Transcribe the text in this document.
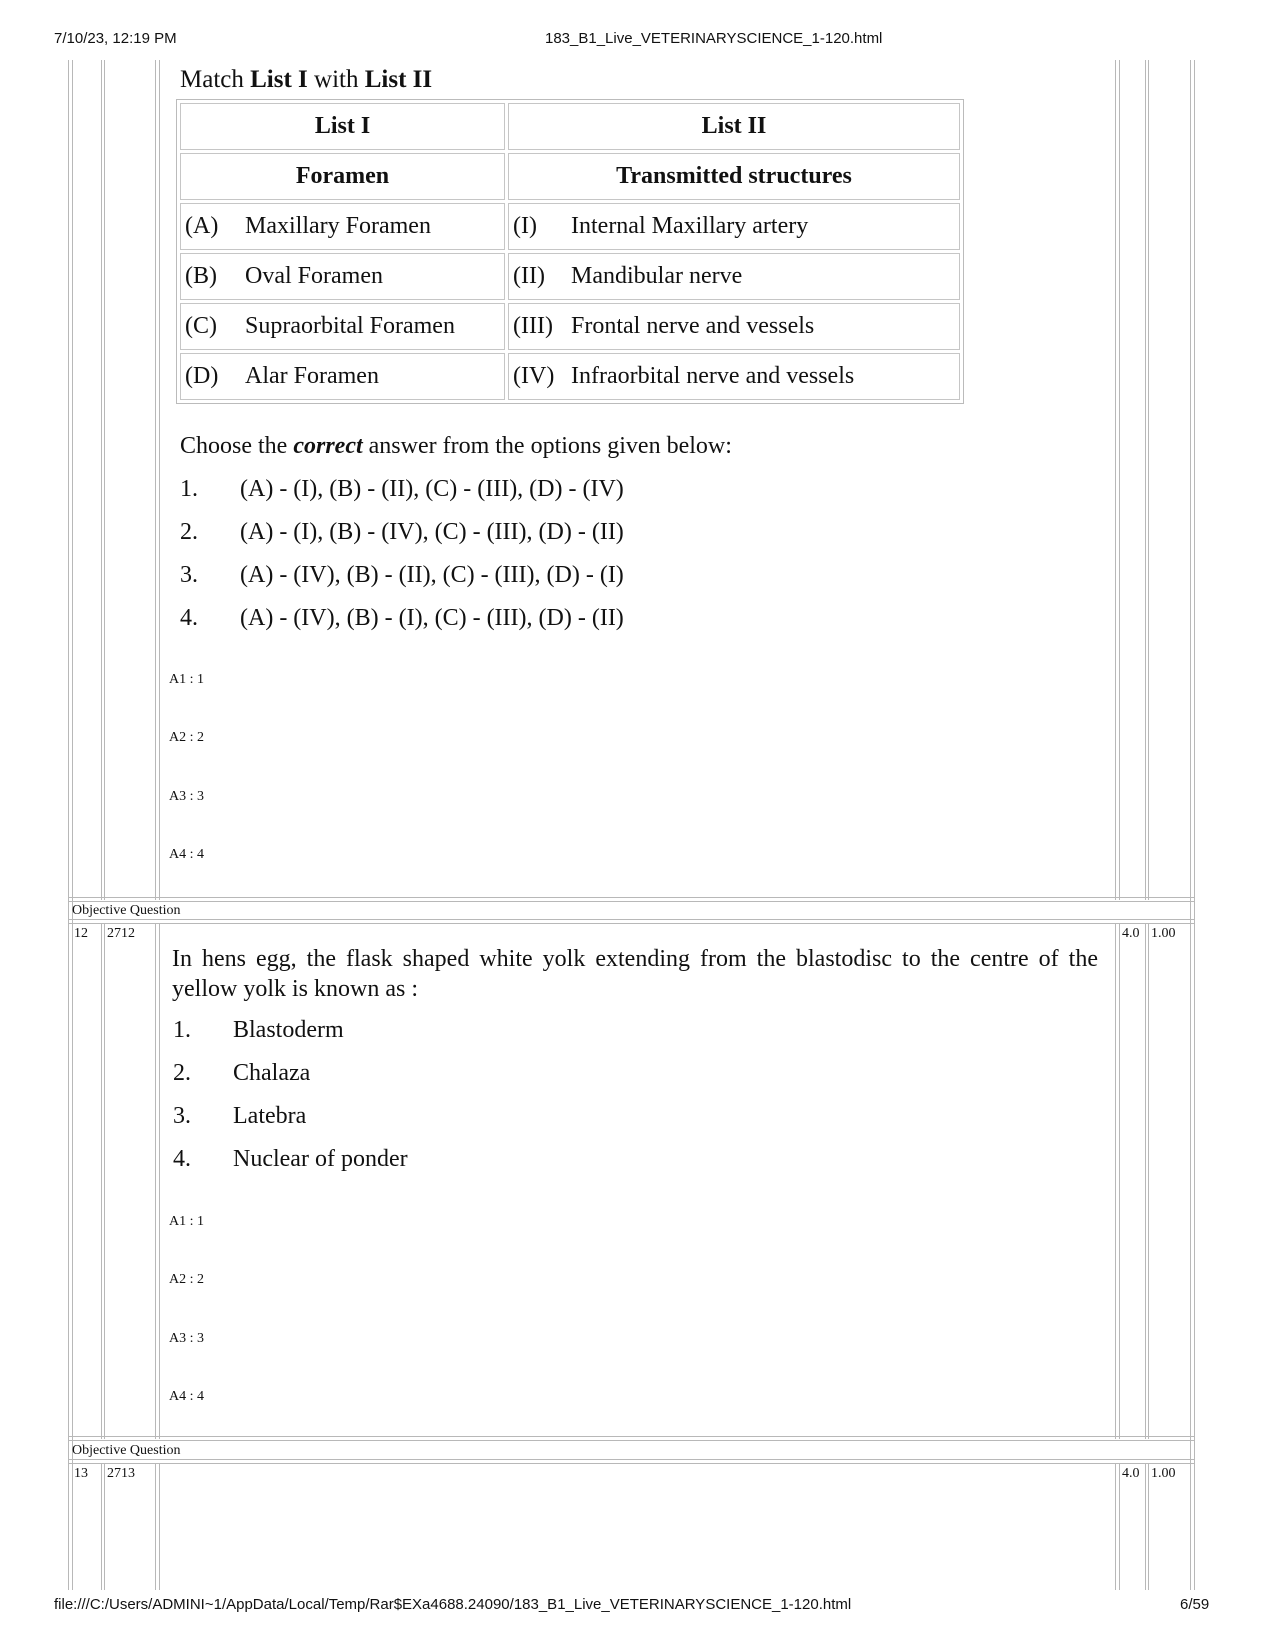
7/10/23, 12:19 PM	183_B1_Live_VETERINARYSCIENCE_1-120.html
file:///C:/Users/ADMINI~1/AppData/Local/Temp/Rar$EXa4688.24090/183_B1_Live_VETERINARYSCIENCE_1-120.html	6/59
Match List I with List II
List I	List II
Foramen	Transmitted structures
(A) Maxillary Foramen	(I) Internal Maxillary artery
(B) Oval Foramen	(II) Mandibular nerve
(C) Supraorbital Foramen	(III) Frontal nerve and vessels
(D) Alar Foramen	(IV) Infraorbital nerve and vessels
Choose the correct answer from the options given below:
1. (A) - (I), (B) - (II), (C) - (III), (D) - (IV)
2. (A) - (I), (B) - (IV), (C) - (III), (D) - (II)
3. (A) - (IV), (B) - (II), (C) - (III), (D) - (I)
4. (A) - (IV), (B) - (I), (C) - (III), (D) - (II)
A1 : 1
A2 : 2
A3 : 3
A4 : 4
Objective Question
12 2712	4.0 1.00
In hens egg, the flask shaped white yolk extending from the blastodisc to the centre of the yellow yolk is known as :
1. Blastoderm
2. Chalaza
3. Latebra
4. Nuclear of ponder
A1 : 1
A2 : 2
A3 : 3
A4 : 4
Objective Question
13 2713	4.0 1.00
